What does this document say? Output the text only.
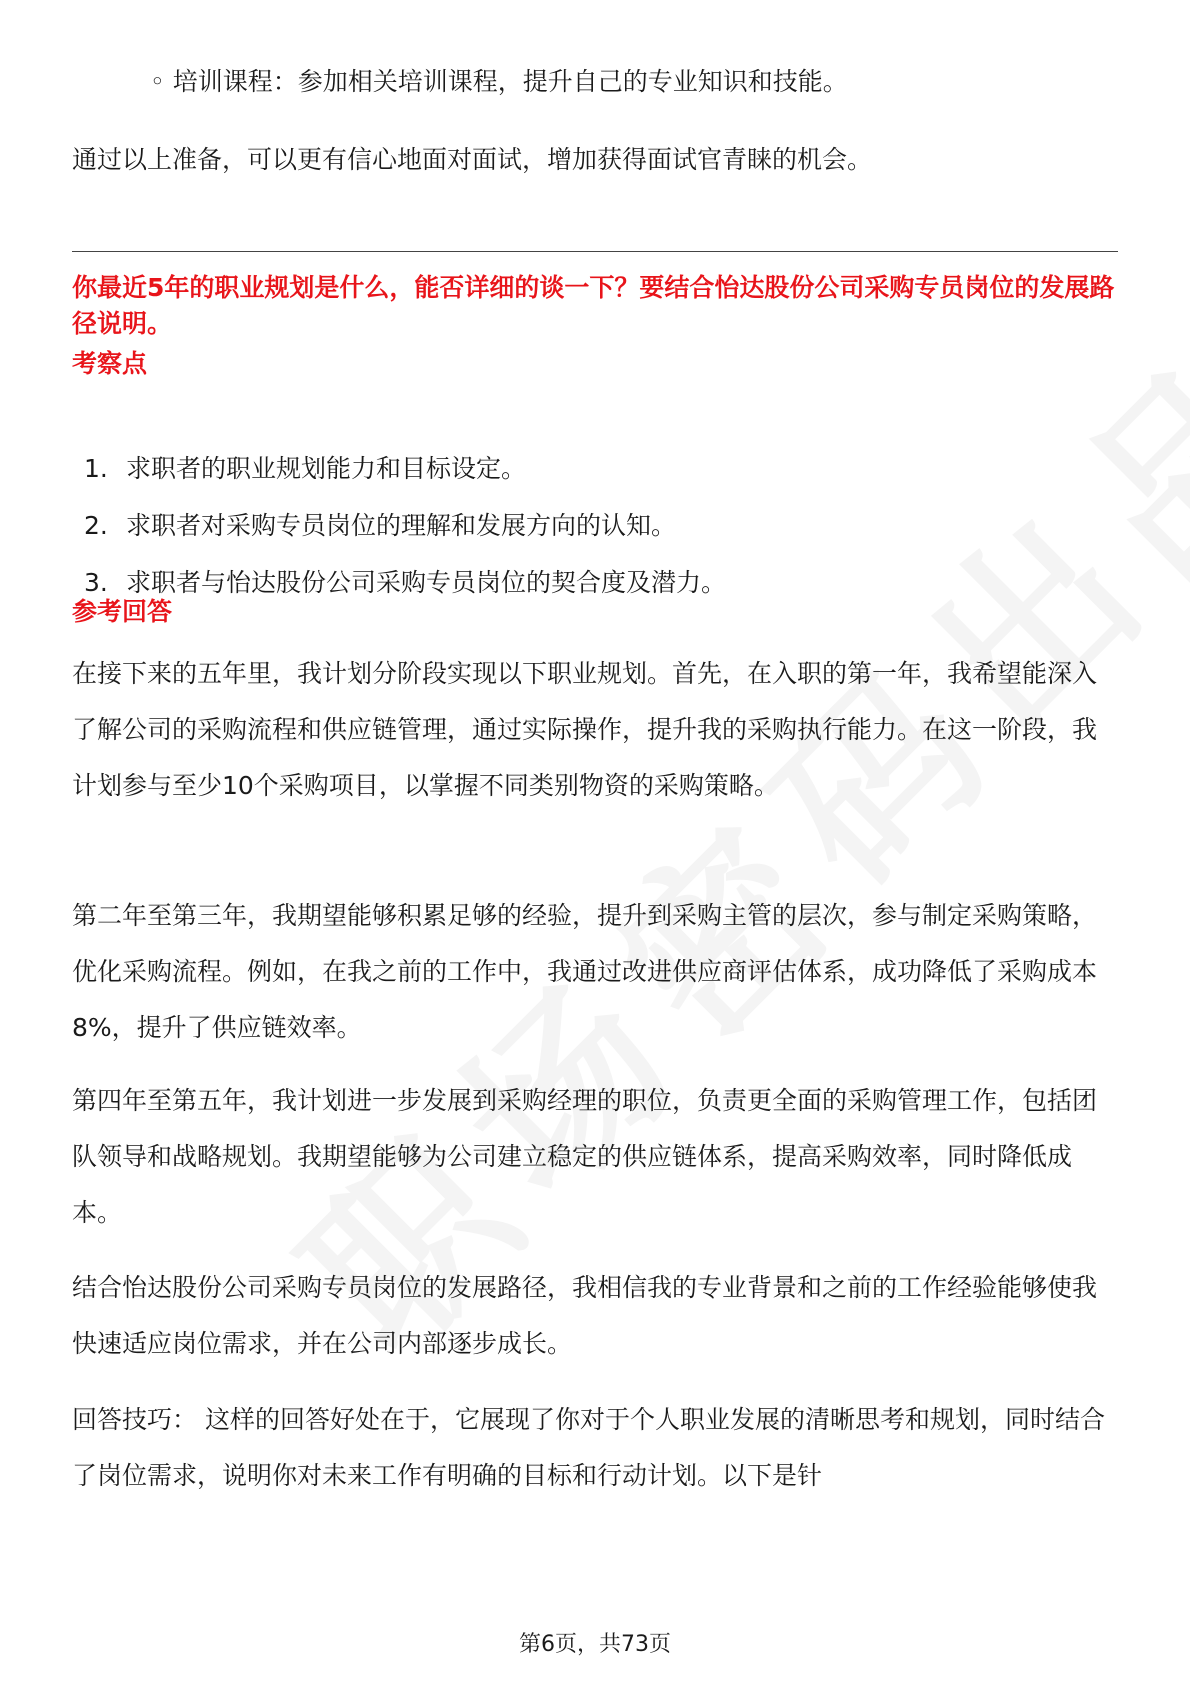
◦ 培训课程：参加相关培训课程，提升自己的专业知识和技能。

通过以上准备，可以更有信心地面对面试，增加获得面试官青睐的机会。

你最近5年的职业规划是什么，能否详细的谈一下？要结合怡达股份公司采购专员岗位的发展路径说明。

考察点

1. 求职者的职业规划能力和目标设定。
2. 求职者对采购专员岗位的理解和发展方向的认知。
3. 求职者与怡达股份公司采购专员岗位的契合度及潜力。

参考回答

在接下来的五年里，我计划分阶段实现以下职业规划。首先，在入职的第一年，我希望能深入了解公司的采购流程和供应链管理，通过实际操作，提升我的采购执行能力。在这一阶段，我计划参与至少10个采购项目，以掌握不同类别物资的采购策略。

第二年至第三年，我期望能够积累足够的经验，提升到采购主管的层次，参与制定采购策略，优化采购流程。例如，在我之前的工作中，我通过改进供应商评估体系，成功降低了采购成本8%，提升了供应链效率。

第四年至第五年，我计划进一步发展到采购经理的职位，负责更全面的采购管理工作，包括团队领导和战略规划。我期望能够为公司建立稳定的供应链体系，提高采购效率，同时降低成本。

结合怡达股份公司采购专员岗位的发展路径，我相信我的专业背景和之前的工作经验能够使我快速适应岗位需求，并在公司内部逐步成长。

回答技巧： 这样的回答好处在于，它展现了你对于个人职业发展的清晰思考和规划，同时结合了岗位需求，说明你对未来工作有明确的目标和行动计划。以下是针

第6页，共73页
